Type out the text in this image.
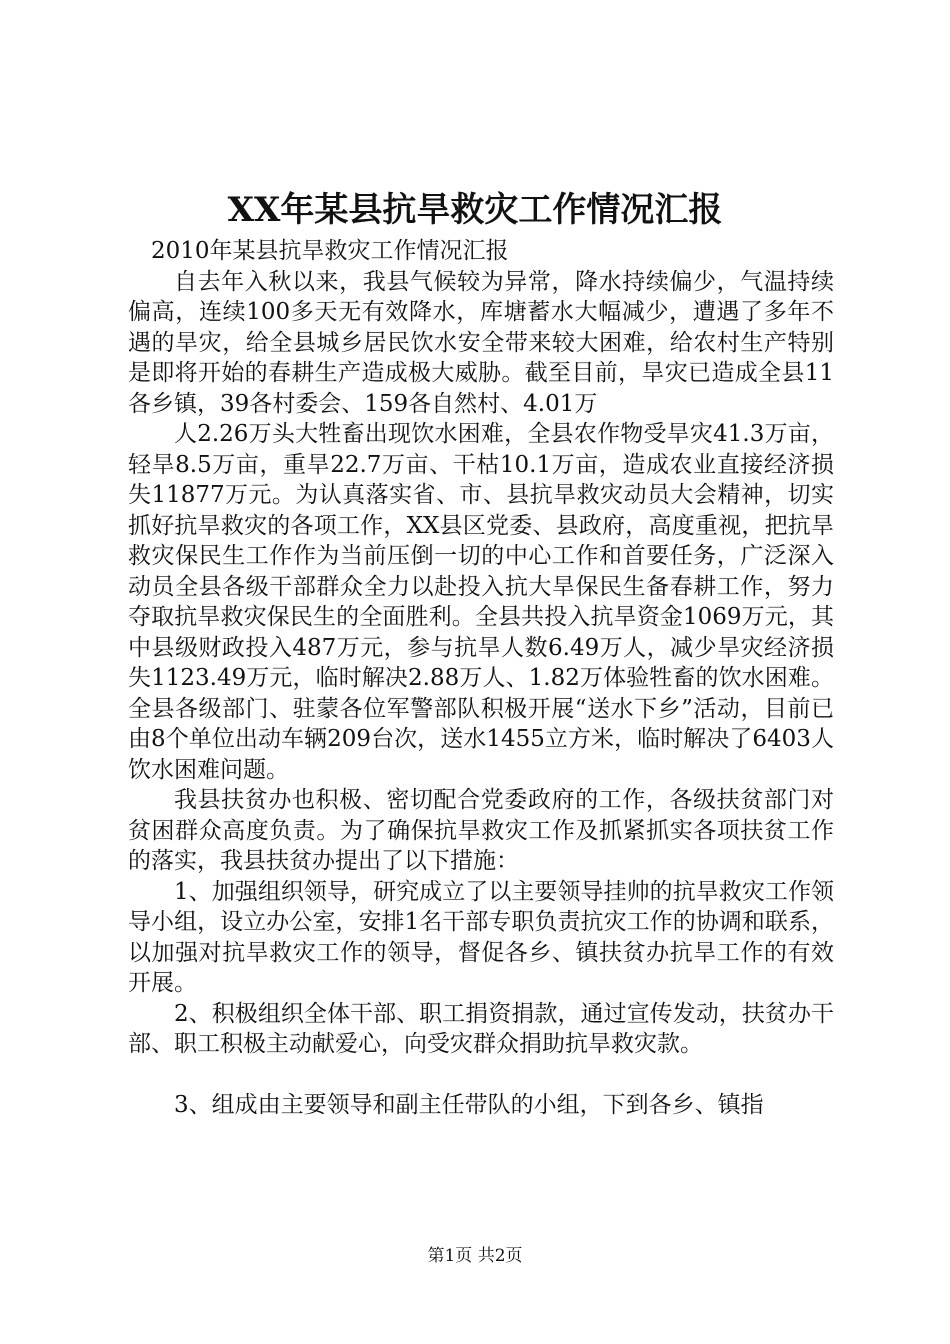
XX年某县抗旱救灾工作情况汇报

2010年某县抗旱救灾工作情况汇报

自去年入秋以来，我县气候较为异常，降水持续偏少，气温持续偏高，连续100多天无有效降水，库塘蓄水大幅减少，遭遇了多年不遇的旱灾，给全县城乡居民饮水安全带来较大困难，给农村生产特别是即将开始的春耕生产造成极大威胁。截至目前，旱灾已造成全县11各乡镇，39各村委会、159各自然村、4.01万

人2.26万头大牲畜出现饮水困难，全县农作物受旱灾41.3万亩，轻旱8.5万亩，重旱22.7万亩、干枯10.1万亩，造成农业直接经济损失11877万元。为认真落实省、市、县抗旱救灾动员大会精神，切实抓好抗旱救灾的各项工作，XX县区党委、县政府，高度重视，把抗旱救灾保民生工作作为当前压倒一切的中心工作和首要任务，广泛深入动员全县各级干部群众全力以赴投入抗大旱保民生备春耕工作，努力夺取抗旱救灾保民生的全面胜利。全县共投入抗旱资金1069万元，其中县级财政投入487万元，参与抗旱人数6.49万人，减少旱灾经济损失1123.49万元，临时解决2.88万人、1.82万体验牲畜的饮水困难。全县各级部门、驻蒙各位军警部队积极开展“送水下乡”活动，目前已由8个单位出动车辆209台次，送水1455立方米，临时解决了6403人饮水困难问题。

我县扶贫办也积极、密切配合党委政府的工作，各级扶贫部门对贫困群众高度负责。为了确保抗旱救灾工作及抓紧抓实各项扶贫工作的落实，我县扶贫办提出了以下措施：

1、加强组织领导，研究成立了以主要领导挂帅的抗旱救灾工作领导小组，设立办公室，安排1名干部专职负责抗灾工作的协调和联系，以加强对抗旱救灾工作的领导，督促各乡、镇扶贫办抗旱工作的有效开展。

2、积极组织全体干部、职工捐资捐款，通过宣传发动，扶贫办干部、职工积极主动献爱心，向受灾群众捐助抗旱救灾款。

3、组成由主要领导和副主任带队的小组，下到各乡、镇指

第1页 共2页
